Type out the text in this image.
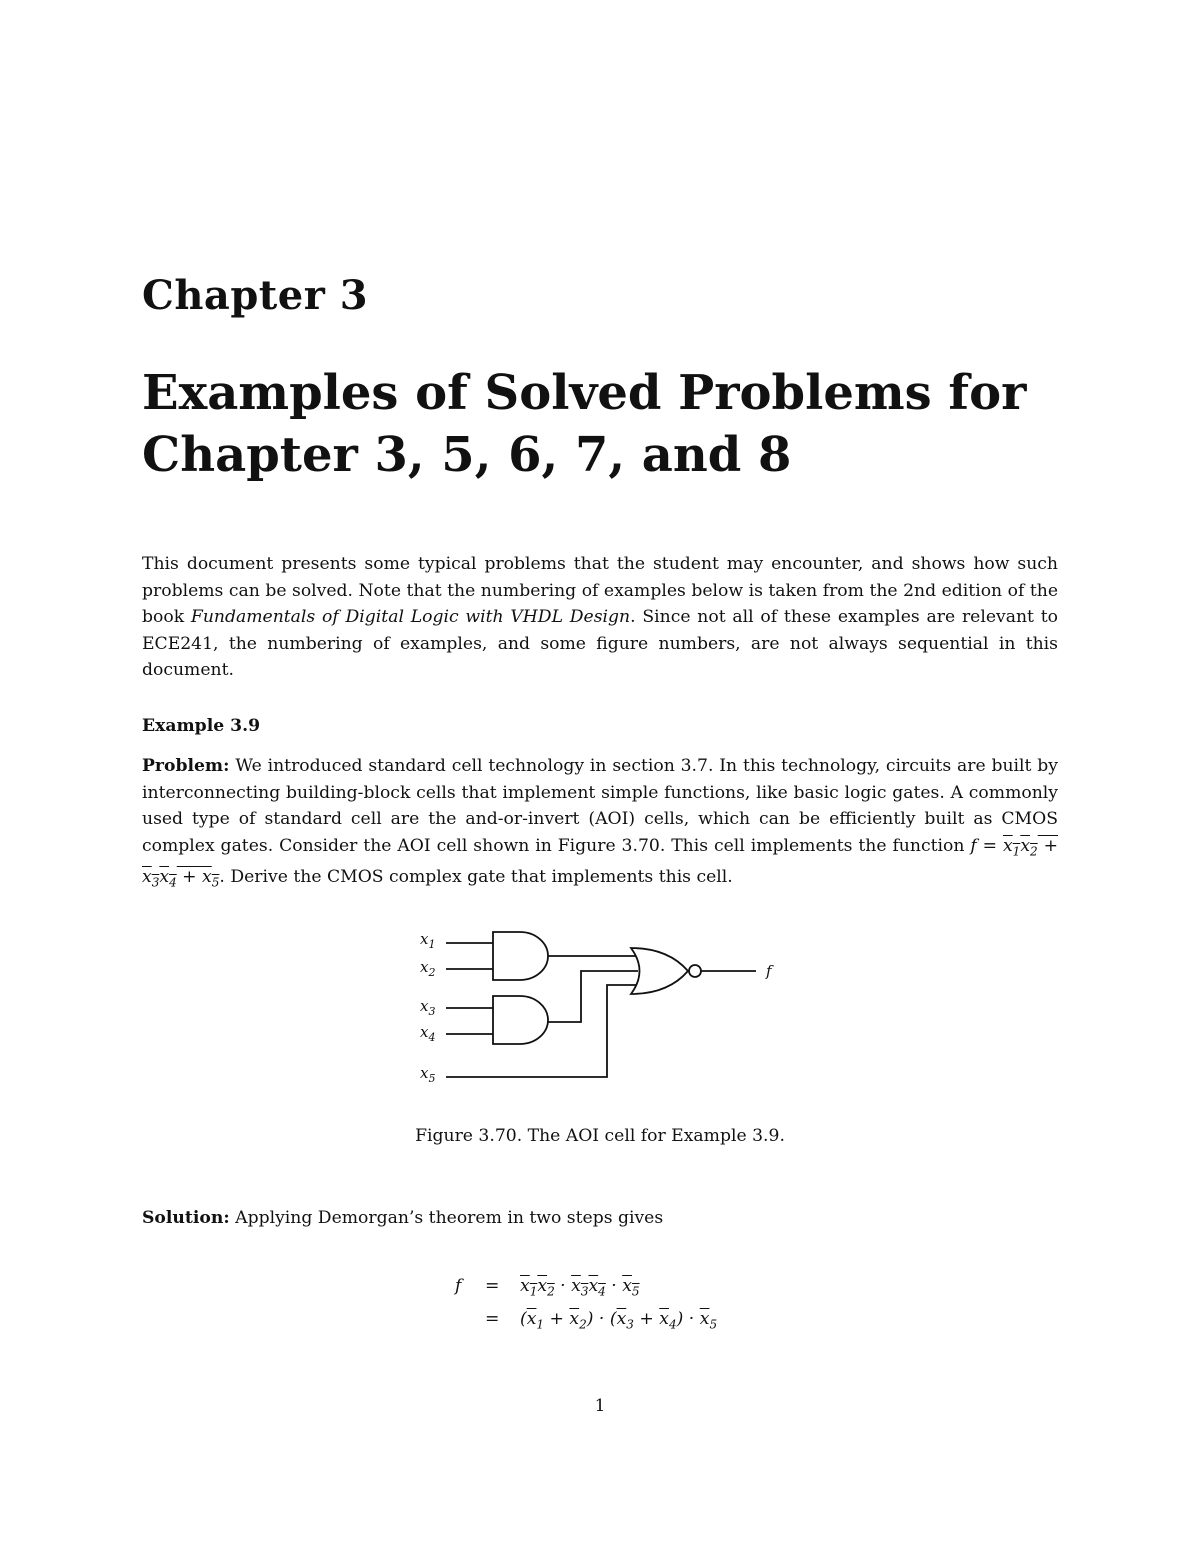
Chapter 3
Examples of Solved Problems for
Chapter 3, 5, 6, 7, and 8

This document presents some typical problems that the student may encounter, and shows how such problems can be solved. Note that the numbering of examples below is taken from the 2nd edition of the book Fundamentals of Digital Logic with VHDL Design. Since not all of these examples are relevant to ECE241, the numbering of examples, and some figure numbers, are not always sequential in this document.

Example 3.9

Problem: We introduced standard cell technology in section 3.7. In this technology, circuits are built by interconnecting building-block cells that implement simple functions, like basic logic gates. A commonly used type of standard cell are the and-or-invert (AOI) cells, which can be efficiently built as CMOS complex gates. Consider the AOI cell shown in Figure 3.70. This cell implements the function $f = x_1x_2 + x_3x_4 + x_5$. Derive the CMOS complex gate that implements this cell.

$x_1$
$x_2$
$x_3$
$x_4$
$x_5$
f
Figure 3.70. The AOI cell for Example 3.9.

Solution: Applying Demorgan’s theorem in two steps gives

$f = x_1x_2 \cdot x_3x_4 \cdot x_5$
= $(\overline{x}_1 + \overline{x}_2) \cdot (\overline{x}_3 + \overline{x}_4) \cdot \overline{x}_5$
1
